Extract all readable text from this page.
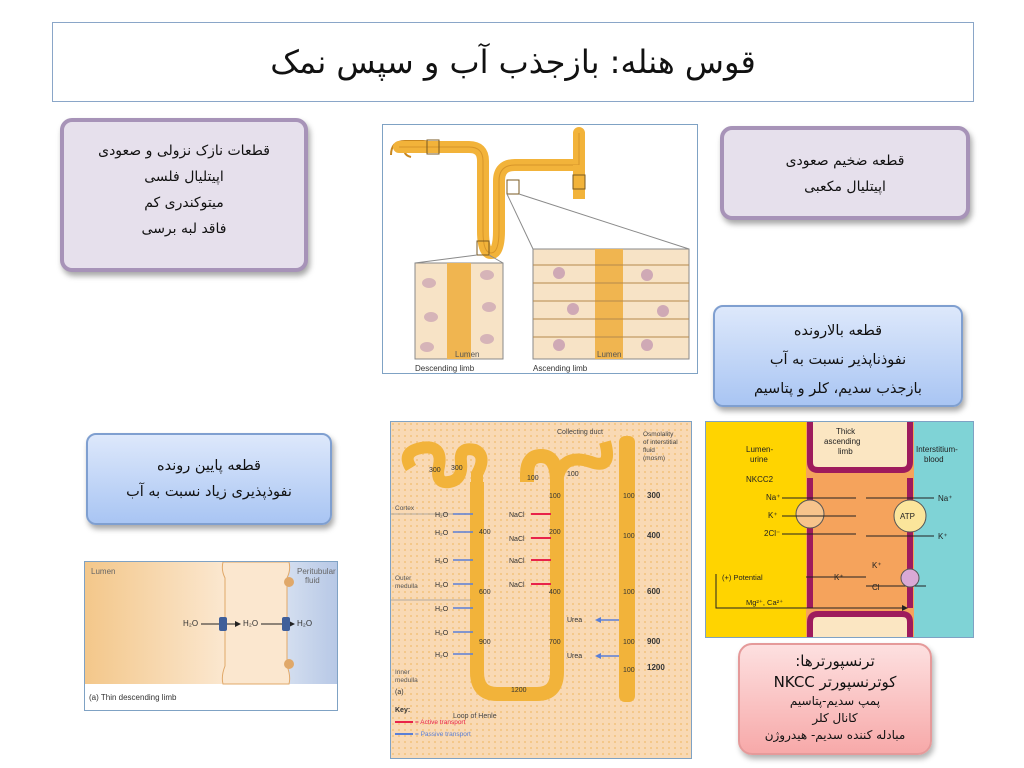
قوس هنله: بازجذب آب و سپس نمک
قطعات نازک نزولی و صعودی
اپیتلیال فلسی
میتوکندری کم
فاقد لبه برسی
قطعه ضخیم صعودی
اپیتلیال مکعبی
قطعه بالارونده
نفوذناپذیر نسبت به آب
بازجذب سدیم، کلر و پتاسیم
قطعه پایین رونده
نفوذپذیری زیاد نسبت به آب
ترنسپورترها:
کوترنسپورتر NKCC
پمپ سدیم-پتاسیم
کانال کلر
مبادله کننده سدیم- هیدروژن
Lumen	Lumen
Descending limb	Ascending limb
Collecting duct	Osmolality
of interstitial
fluid
(mosm)
300
400
600
900
1200
Cortex
Outer
medulla
Inner
medulla
300 300
400
600
900
100
200
400
700
100
100
100
100
100
100
100
1200
H₂O
H₂O
H₂O
H₂O
H₂O
H₂O
H₂O
NaCl
NaCl
NaCl
NaCl
Urea
Urea
Loop of Henle
(a)
Key:
= Active transport
= Passive transport
Thick
ascending
limb
Lumen-
urine
Interstitium-
blood
NKCC2
Na⁺
K⁺
2Cl⁻
ATP
Na⁺
K⁺
K⁺
Cl⁻
(+) Potential	K⁺
Mg²⁺, Ca²⁺
Lumen	Peritubular
fluid
H₂O	H₂O	H₂O
(a) Thin descending limb
